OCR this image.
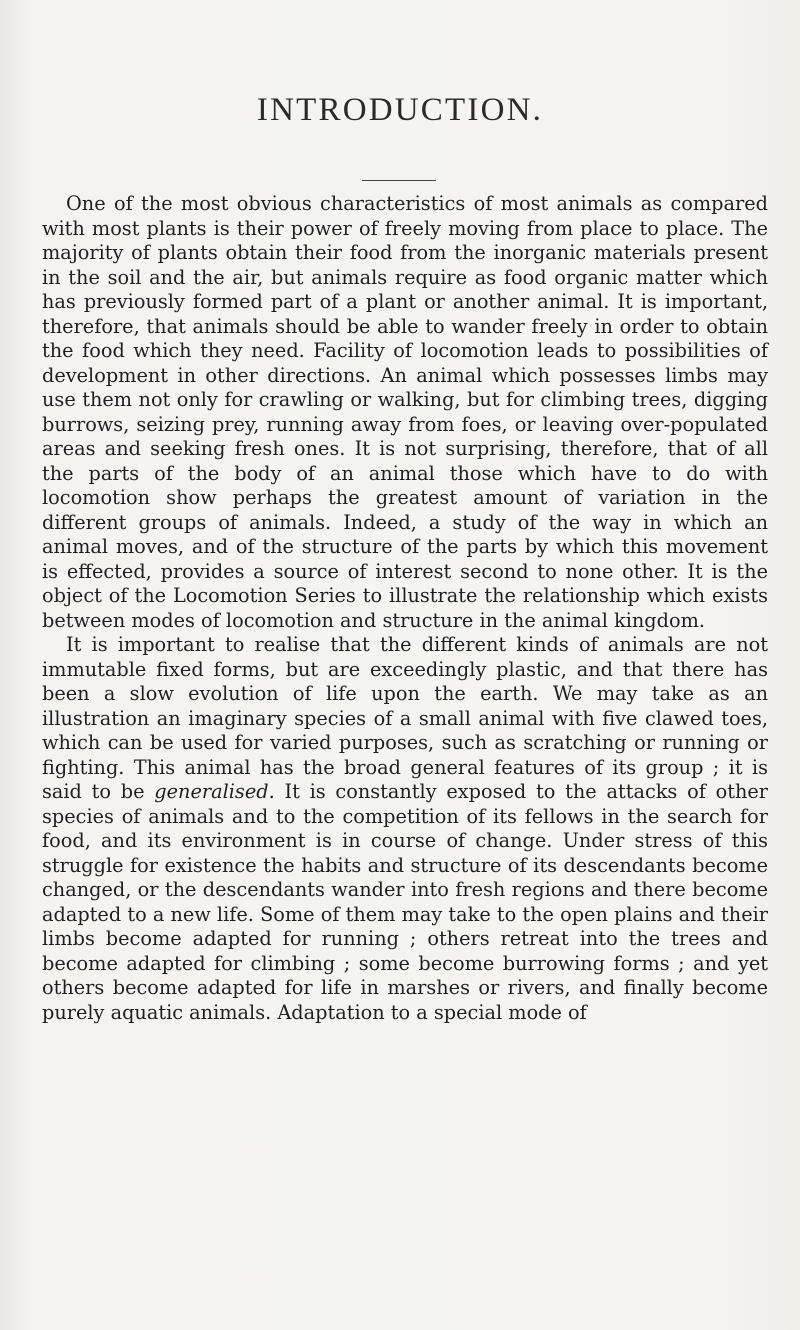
INTRODUCTION.

One of the most obvious characteristics of most animals as compared with most plants is their power of freely moving from place to place. The majority of plants obtain their food from the inorganic materials present in the soil and the air, but animals require as food organic matter which has previously formed part of a plant or another animal. It is important, therefore, that animals should be able to wander freely in order to obtain the food which they need. Facility of locomotion leads to possibilities of development in other directions. An animal which possesses limbs may use them not only for crawling or walking, but for climbing trees, digging burrows, seizing prey, running away from foes, or leaving over-populated areas and seeking fresh ones. It is not surprising, therefore, that of all the parts of the body of an animal those which have to do with locomotion show perhaps the greatest amount of variation in the different groups of animals. Indeed, a study of the way in which an animal moves, and of the structure of the parts by which this movement is effected, provides a source of interest second to none other. It is the object of the Locomotion Series to illustrate the relationship which exists between modes of locomotion and structure in the animal kingdom.

It is important to realise that the different kinds of animals are not immutable fixed forms, but are exceedingly plastic, and that there has been a slow evolution of life upon the earth. We may take as an illustration an imaginary species of a small animal with five clawed toes, which can be used for varied purposes, such as scratching or running or fighting. This animal has the broad general features of its group ; it is said to be generalised. It is constantly exposed to the attacks of other species of animals and to the competition of its fellows in the search for food, and its environment is in course of change. Under stress of this struggle for existence the habits and structure of its descendants become changed, or the descendants wander into fresh regions and there become adapted to a new life. Some of them may take to the open plains and their limbs become adapted for running ; others retreat into the trees and become adapted for climbing ; some become burrowing forms ; and yet others become adapted for life in marshes or rivers, and finally become purely aquatic animals. Adaptation to a special mode of
